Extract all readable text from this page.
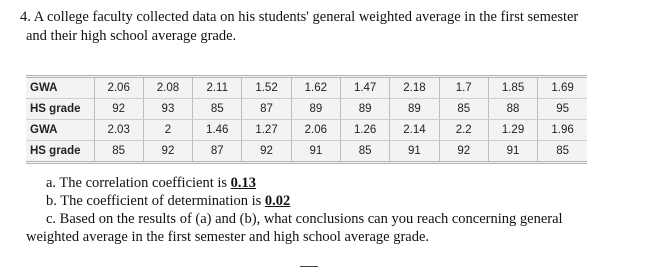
4. A college faculty collected data on his students' general weighted average in the first semester
and their high school average grade.
GWA	2.06	2.08	2.11	1.52	1.62	1.47	2.18	1.7	1.85	1.69
HS grade	92	93	85	87	89	89	89	85	88	95
GWA	2.03	2	1.46	1.27	2.06	1.26	2.14	2.2	1.29	1.96
HS grade	85	92	87	92	91	85	91	92	91	85
a. The correlation coefficient is 0.13
b. The coefficient of determination is 0.02
c. Based on the results of (a) and (b), what conclusions can you reach concerning general
weighted average in the first semester and high school average grade.
